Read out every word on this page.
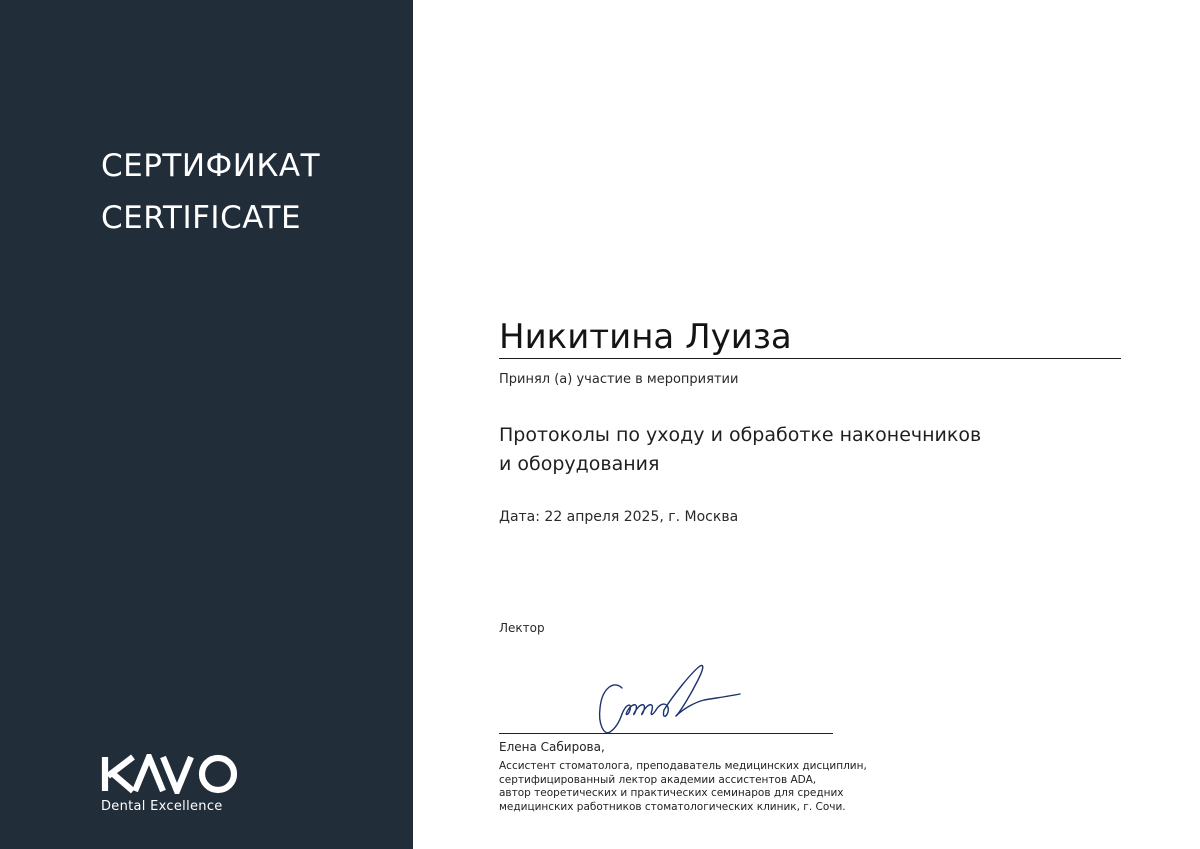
СЕРТИФИКАТ
CERTIFICATE
Dental Excellence
Никитина Луиза
Принял (а) участие в мероприятии
Протоколы по уходу и обработке наконечников
и оборудования
Дата: 22 апреля 2025, г. Москва
Лектор
Елена Сабирова,
Ассистент стоматолога, преподаватель медицинских дисциплин,
сертифицированный лектор академии ассистентов ADA,
автор теоретических и практических семинаров для средних
медицинских работников стоматологических клиник, г. Сочи.
